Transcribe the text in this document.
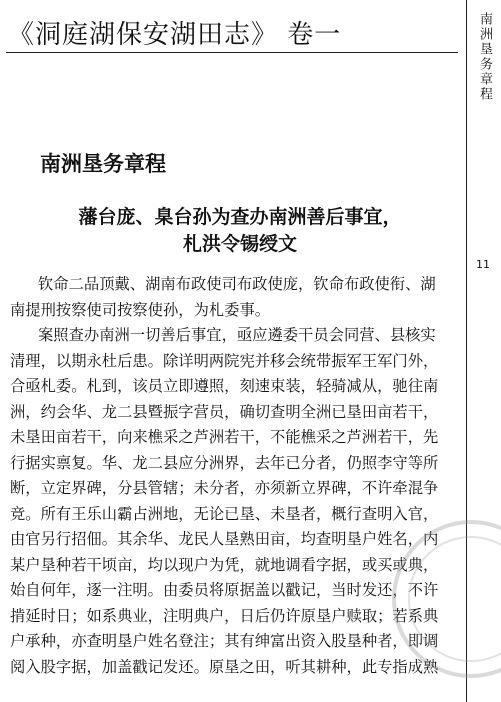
《洞庭湖保安湖田志》 卷一	南洲垦务章程
11
南洲垦务章程
藩台庞、臬台孙为查办南洲善后事宜，
札洪令锡绶文
钦命二品顶戴、湖南布政使司布政使庞，钦命布政使衔、湖
南提刑按察使司按察使孙，为札委事。
案照查办南洲一切善后事宜，亟应遴委干员会同营、县核实
清理，以期永杜后患。除详明两院宪并移会统带振军王军门外，
合亟札委。札到，该员立即遵照，刻速束装，轻骑减从，驰往南
洲，约会华、龙二县暨振字营员，确切查明全洲已垦田亩若干，
未垦田亩若干，向来樵采之芦洲若干，不能樵采之芦洲若干，先
行据实禀复。华、龙二县应分洲界，去年已分者，仍照李守等所
断，立定界碑，分县管辖；未分者，亦须新立界碑，不许牵混争
竞。所有王乐山霸占洲地，无论已垦、未垦者，概行查明入官，
由官另行招佃。其余华、龙民人垦熟田亩，均查明垦户姓名，内
某户垦种若干顷亩，均以现户为凭，就地调看字据，或买或典，
始自何年，逐一注明。由委员将原据盖以戳记，当时发还，不许
掯延时日；如系典业，注明典户，日后仍许原垦户赎取；若系典
户承种，亦查明垦户姓名登注；其有绅富出资入股垦种者，即调
阅入股字据，加盖戳记发还。原垦之田，听其耕种，此专指成熟
